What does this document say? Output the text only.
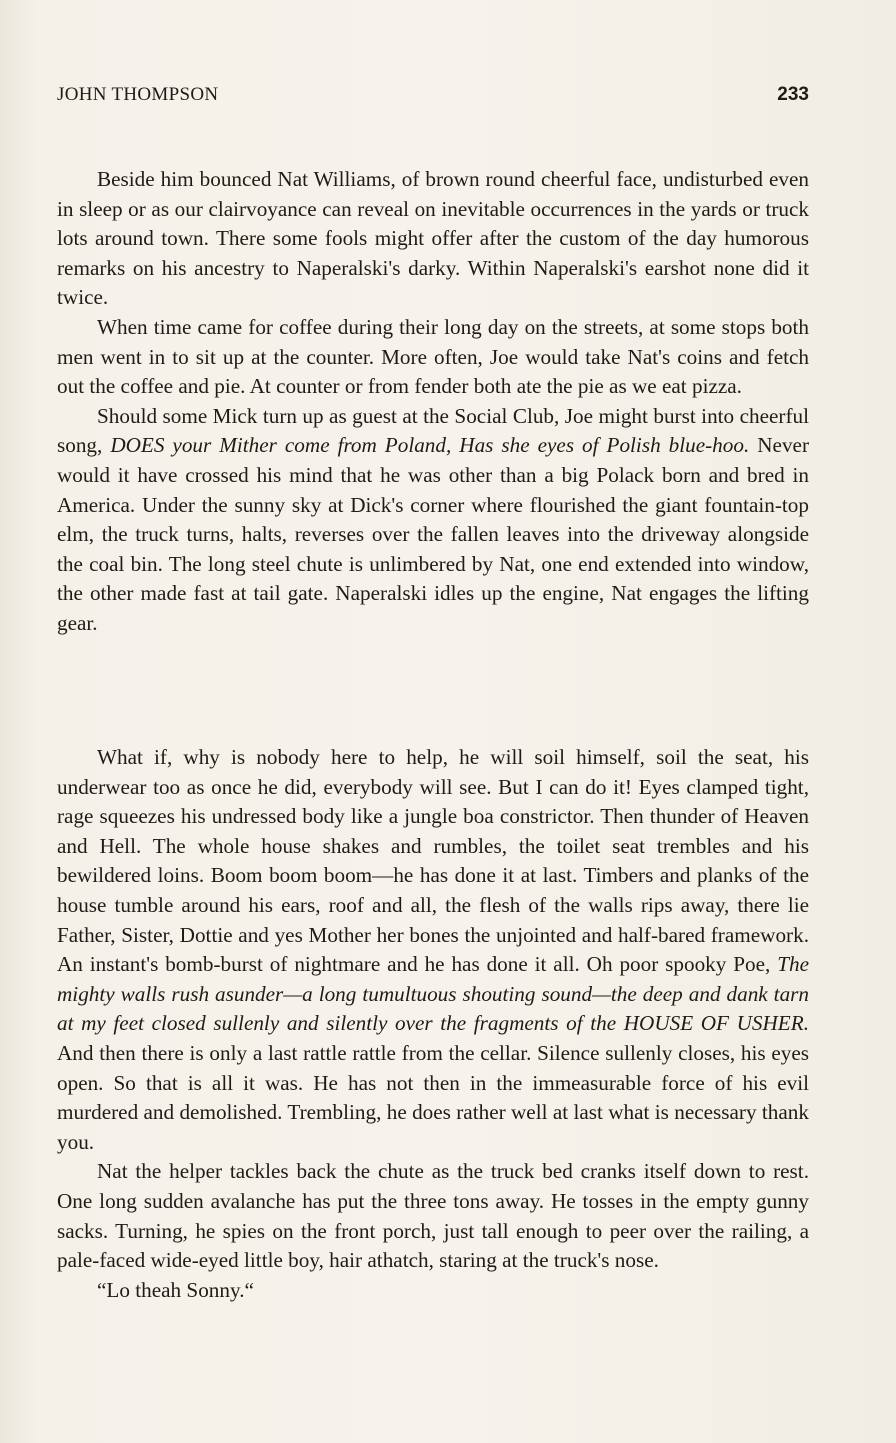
JOHN THOMPSON	233

Beside him bounced Nat Williams, of brown round cheerful face, undisturbed even in sleep or as our clairvoyance can reveal on inevitable occurrences in the yards or truck lots around town. There some fools might offer after the custom of the day humorous remarks on his ancestry to Naperalski's darky. Within Naperalski's earshot none did it twice.

When time came for coffee during their long day on the streets, at some stops both men went in to sit up at the counter. More often, Joe would take Nat's coins and fetch out the coffee and pie. At counter or from fender both ate the pie as we eat pizza.

Should some Mick turn up as guest at the Social Club, Joe might burst into cheerful song, DOES your Mither come from Poland, Has she eyes of Polish blue-hoo. Never would it have crossed his mind that he was other than a big Polack born and bred in America. Under the sunny sky at Dick's corner where flourished the giant fountain-top elm, the truck turns, halts, reverses over the fallen leaves into the driveway alongside the coal bin. The long steel chute is unlimbered by Nat, one end extended into window, the other made fast at tail gate. Naperalski idles up the engine, Nat engages the lifting gear.

What if, why is nobody here to help, he will soil himself, soil the seat, his underwear too as once he did, everybody will see. But I can do it! Eyes clamped tight, rage squeezes his undressed body like a jungle boa constrictor. Then thunder of Heaven and Hell. The whole house shakes and rumbles, the toilet seat trembles and his bewildered loins. Boom boom boom—he has done it at last. Timbers and planks of the house tumble around his ears, roof and all, the flesh of the walls rips away, there lie Father, Sister, Dottie and yes Mother her bones the unjointed and half-bared framework. An instant's bomb-burst of nightmare and he has done it all. Oh poor spooky Poe, The mighty walls rush asunder—a long tumultuous shouting sound—the deep and dank tarn at my feet closed sullenly and silently over the fragments of the HOUSE OF USHER. And then there is only a last rattle rattle from the cellar. Silence sullenly closes, his eyes open. So that is all it was. He has not then in the immeasurable force of his evil murdered and demolished. Trembling, he does rather well at last what is necessary thank you.

Nat the helper tackles back the chute as the truck bed cranks itself down to rest. One long sudden avalanche has put the three tons away. He tosses in the empty gunny sacks. Turning, he spies on the front porch, just tall enough to peer over the railing, a pale-faced wide-eyed little boy, hair athatch, staring at the truck's nose.

“Lo theah Sonny.“
